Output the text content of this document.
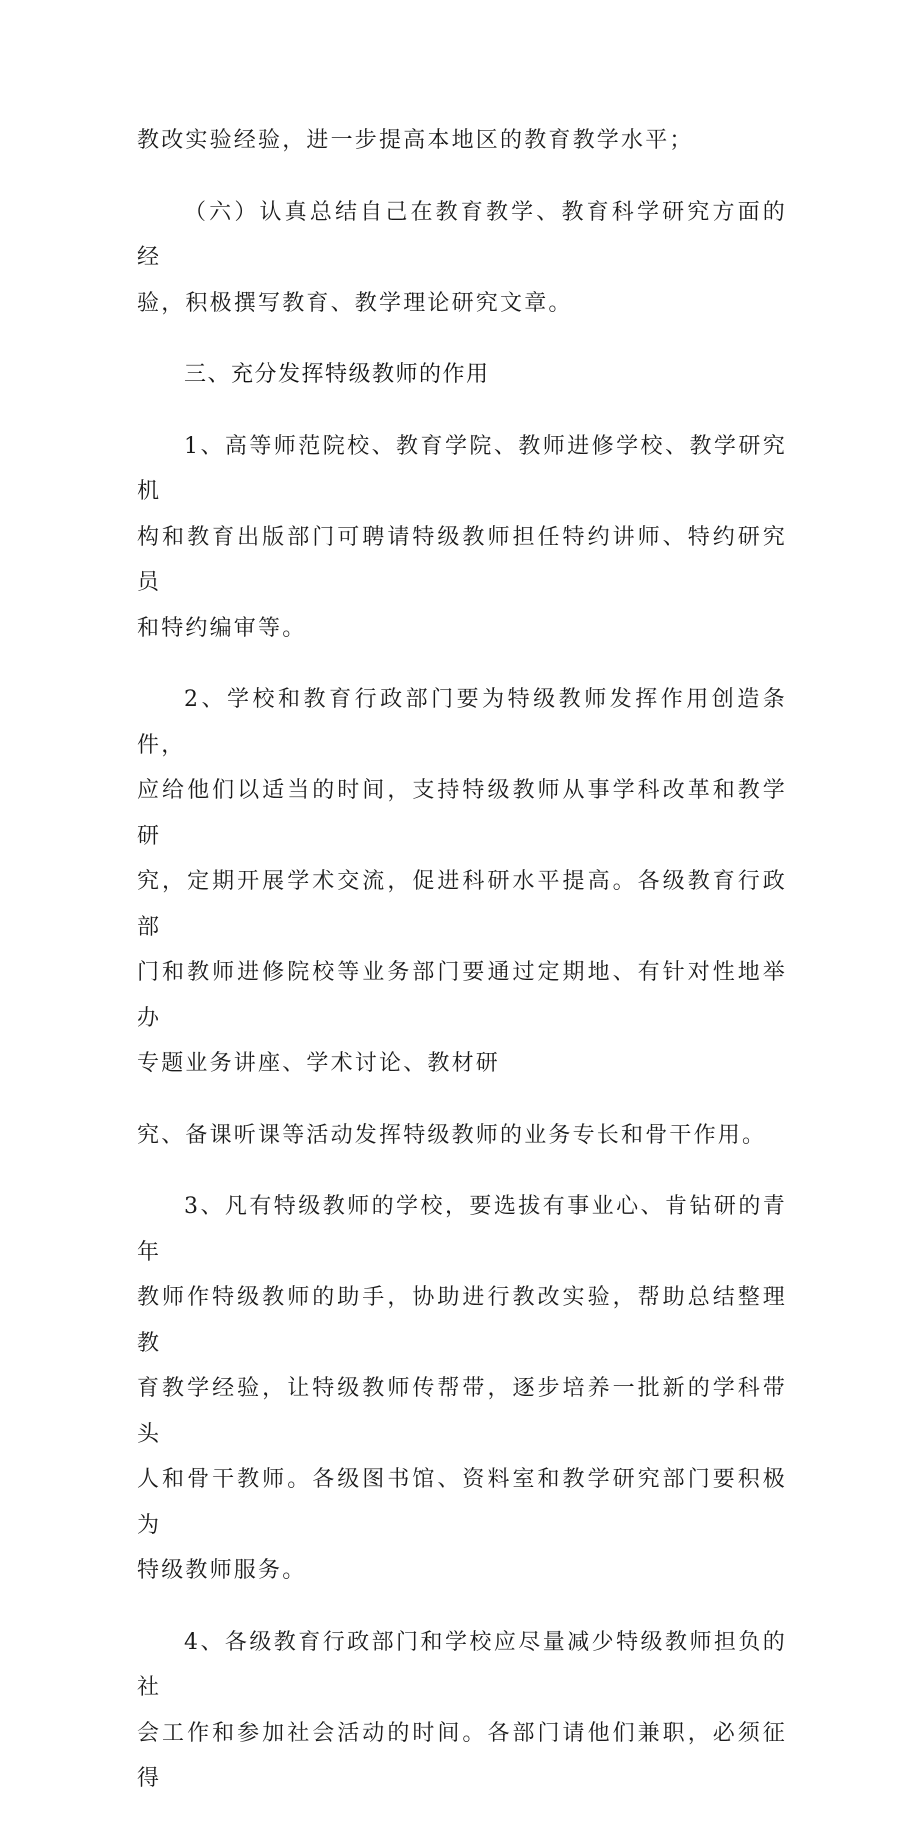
教改实验经验，进一步提高本地区的教育教学水平；

（六）认真总结自己在教育教学、教育科学研究方面的经
验，积极撰写教育、教学理论研究文章。

三、充分发挥特级教师的作用

1、高等师范院校、教育学院、教师进修学校、教学研究机
构和教育出版部门可聘请特级教师担任特约讲师、特约研究员
和特约编审等。

2、学校和教育行政部门要为特级教师发挥作用创造条件，
应给他们以适当的时间，支持特级教师从事学科改革和教学研
究，定期开展学术交流，促进科研水平提高。各级教育行政部
门和教师进修院校等业务部门要通过定期地、有针对性地举办
专题业务讲座、学术讨论、教材研

究、备课听课等活动发挥特级教师的业务专长和骨干作用。

3、凡有特级教师的学校，要选拔有事业心、肯钻研的青年
教师作特级教师的助手，协助进行教改实验，帮助总结整理教
育教学经验，让特级教师传帮带，逐步培养一批新的学科带头
人和骨干教师。各级图书馆、资料室和教学研究部门要积极为
特级教师服务。

4、各级教育行政部门和学校应尽量减少特级教师担负的社
会工作和参加社会活动的时间。各部门请他们兼职，必须征得
